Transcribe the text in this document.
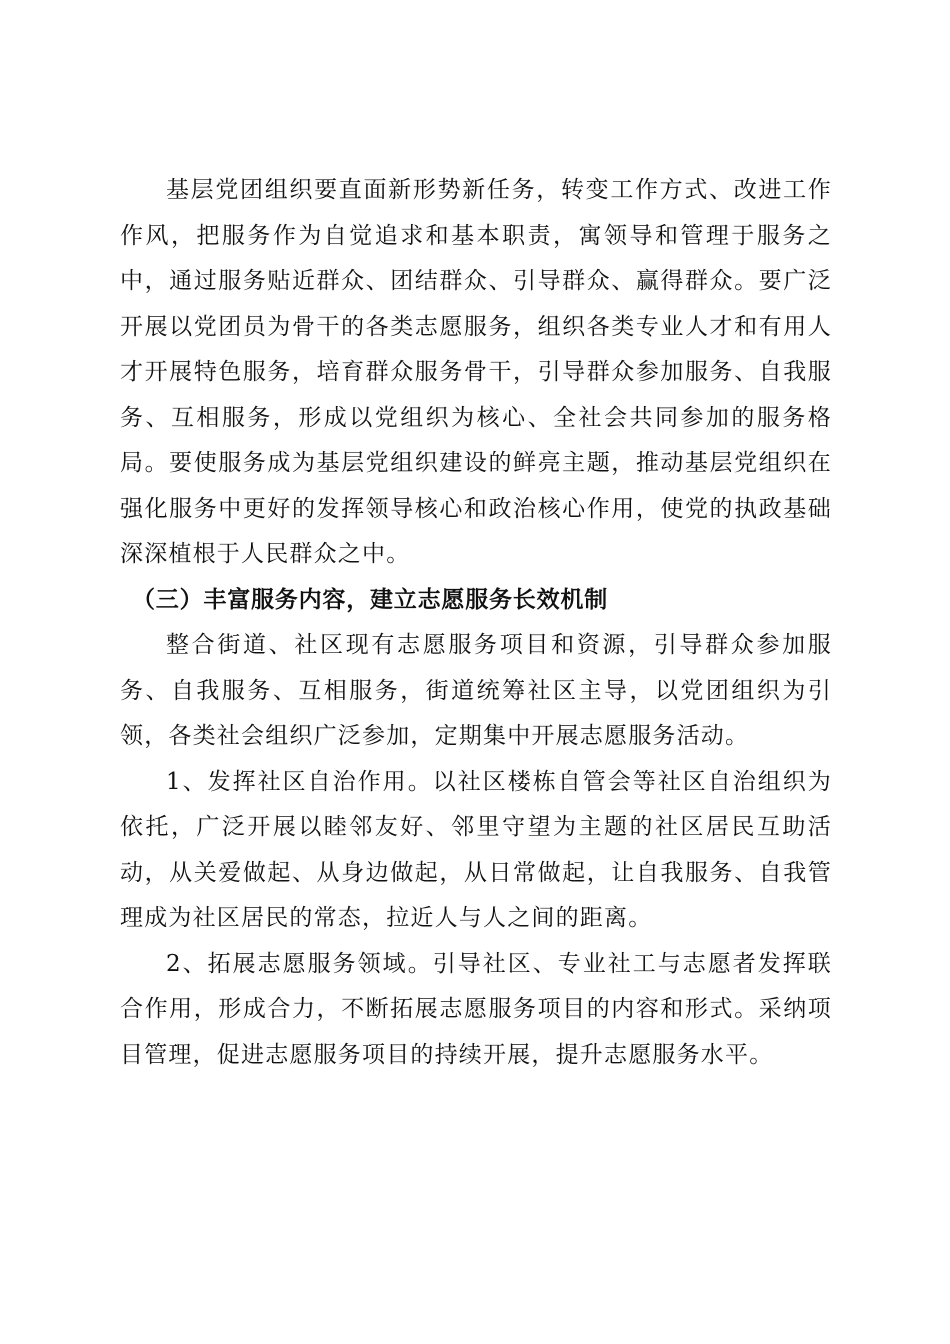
基层党团组织要直面新形势新任务，转变工作方式、改进工作作风，把服务作为自觉追求和基本职责，寓领导和管理于服务之中，通过服务贴近群众、团结群众、引导群众、赢得群众。要广泛开展以党团员为骨干的各类志愿服务，组织各类专业人才和有用人才开展特色服务，培育群众服务骨干，引导群众参加服务、自我服务、互相服务，形成以党组织为核心、全社会共同参加的服务格局。要使服务成为基层党组织建设的鲜亮主题，推动基层党组织在强化服务中更好的发挥领导核心和政治核心作用，使党的执政基础深深植根于人民群众之中。

（三）丰富服务内容，建立志愿服务长效机制

整合街道、社区现有志愿服务项目和资源，引导群众参加服务、自我服务、互相服务，街道统筹社区主导，以党团组织为引领，各类社会组织广泛参加，定期集中开展志愿服务活动。

1、发挥社区自治作用。以社区楼栋自管会等社区自治组织为依托，广泛开展以睦邻友好、邻里守望为主题的社区居民互助活动，从关爱做起、从身边做起，从日常做起，让自我服务、自我管理成为社区居民的常态，拉近人与人之间的距离。

2、拓展志愿服务领域。引导社区、专业社工与志愿者发挥联合作用，形成合力，不断拓展志愿服务项目的内容和形式。采纳项目管理，促进志愿服务项目的持续开展，提升志愿服务水平。
